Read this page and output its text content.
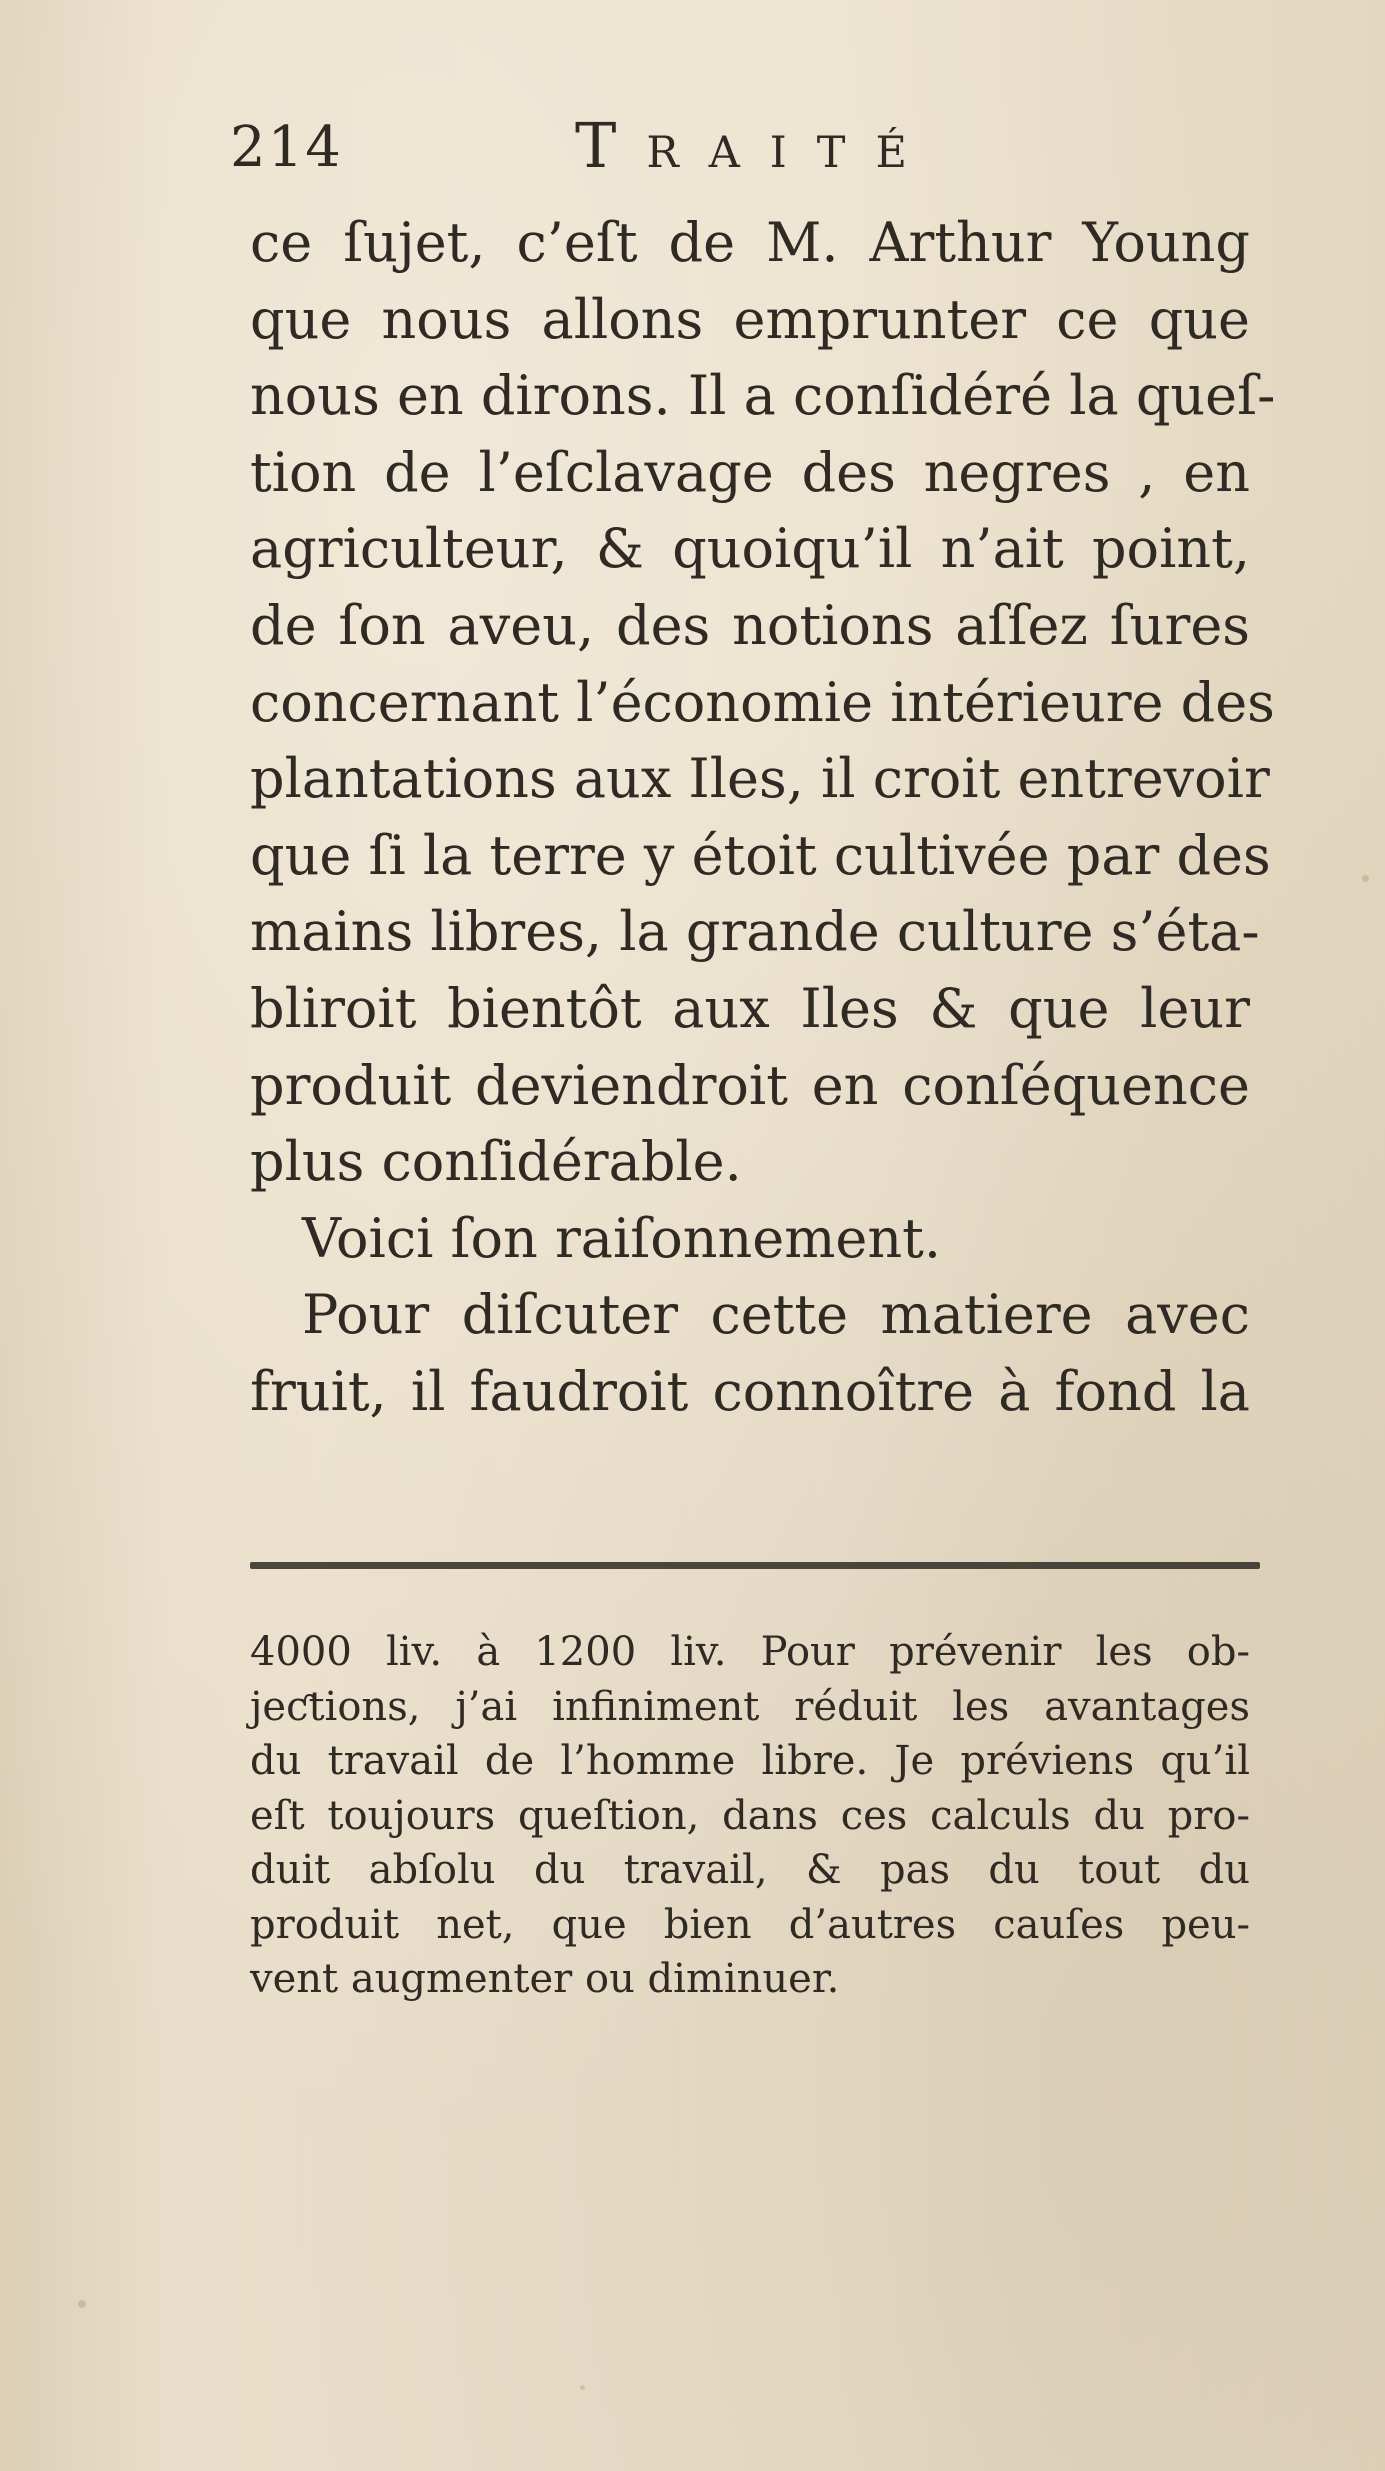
214	Traité
ce ſujet, c’eſt de M. Arthur Young
que nous allons emprunter ce que
nous en dirons. Il a conſidéré la queſ-
tion de l’eſclavage des negres , en
agriculteur, & quoiqu’il n’ait point,
de ſon aveu, des notions aſſez ſures
concernant l’économie intérieure des
plantations aux Iles, il croit entrevoir
que ſi la terre y étoit cultivée par des
mains libres, la grande culture s’éta-
bliroit bientôt aux Iles & que leur
produit deviendroit en conſéquence
plus conſidérable.
Voici ſon raiſonnement.
Pour diſcuter cette matiere avec
fruit, il faudroit connoître à fond la
4000 liv. à 1200 liv. Pour prévenir les ob-
jeƈtions, j’ai infiniment réduit les avantages
du travail de l’homme libre. Je préviens qu’il
eſt toujours queſtion, dans ces calculs du pro-
duit abſolu du travail, & pas du tout du
produit net, que bien d’autres cauſes peu-
vent augmenter ou diminuer.
